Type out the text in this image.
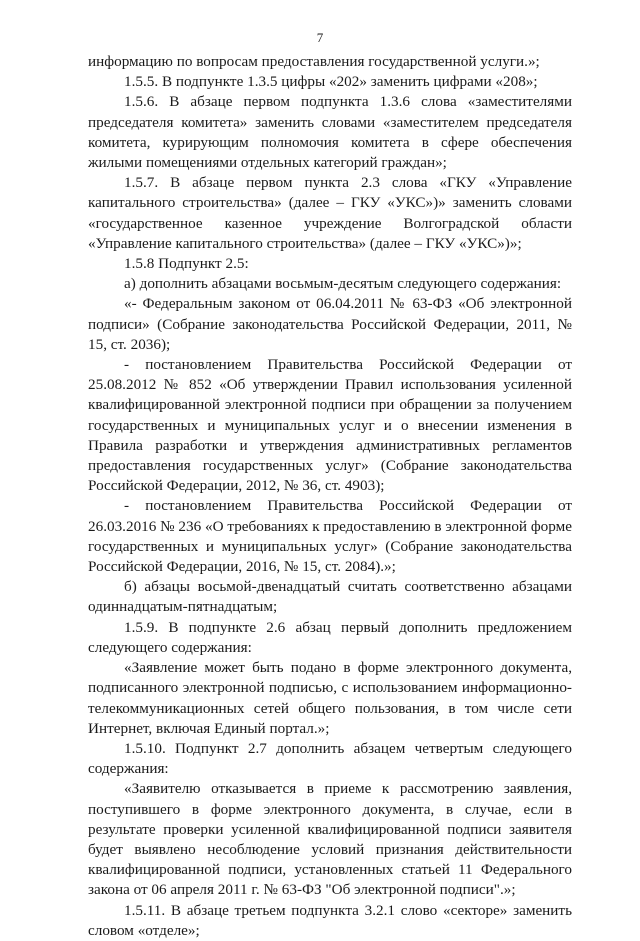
7

информацию по вопросам предоставления государственной услуги.»;

1.5.5. В подпункте 1.3.5 цифры «202» заменить цифрами «208»;

1.5.6. В абзаце первом подпункта 1.3.6 слова «заместителями председателя комитета» заменить словами «заместителем председателя комитета, курирующим полномочия комитета в сфере обеспечения жилыми помещениями отдельных категорий граждан»;

1.5.7. В абзаце первом пункта 2.3 слова «ГКУ «Управление капитального строительства» (далее – ГКУ «УКС»)» заменить словами «государственное казенное учреждение Волгоградской области «Управление капитального строительства» (далее – ГКУ «УКС»)»;

1.5.8 Подпункт 2.5:

а) дополнить абзацами восьмым-десятым следующего содержания:

«- Федеральным законом от 06.04.2011 № 63-ФЗ «Об электронной подписи» (Собрание законодательства Российской Федерации, 2011, № 15, ст. 2036);

- постановлением Правительства Российской Федерации от 25.08.2012 № 852 «Об утверждении Правил использования усиленной квалифицированной электронной подписи при обращении за получением государственных и муниципальных услуг и о внесении изменения в Правила разработки и утверждения административных регламентов предоставления государственных услуг» (Собрание законодательства Российской Федерации, 2012, № 36, ст. 4903);

- постановлением Правительства Российской Федерации от 26.03.2016 № 236 «О требованиях к предоставлению в электронной форме государственных и муниципальных услуг» (Собрание законодательства Российской Федерации, 2016, № 15, ст. 2084).»;

б) абзацы восьмой-двенадцатый считать соответственно абзацами одиннадцатым-пятнадцатым;

1.5.9. В подпункте 2.6 абзац первый дополнить предложением следующего содержания:

«Заявление может быть подано в форме электронного документа, подписанного электронной подписью, с использованием информационно-телекоммуникационных сетей общего пользования, в том числе сети Интернет, включая Единый портал.»;

1.5.10. Подпункт 2.7 дополнить абзацем четвертым следующего содержания:

«Заявителю отказывается в приеме к рассмотрению заявления, поступившего в форме электронного документа, в случае, если в результате проверки усиленной квалифицированной подписи заявителя будет выявлено несоблюдение условий признания действительности квалифицированной подписи, установленных статьей 11 Федерального закона от 06 апреля 2011 г. № 63-ФЗ "Об электронной подписи".»;

1.5.11. В абзаце третьем подпункта 3.2.1 слово «секторе» заменить словом «отделе»;
